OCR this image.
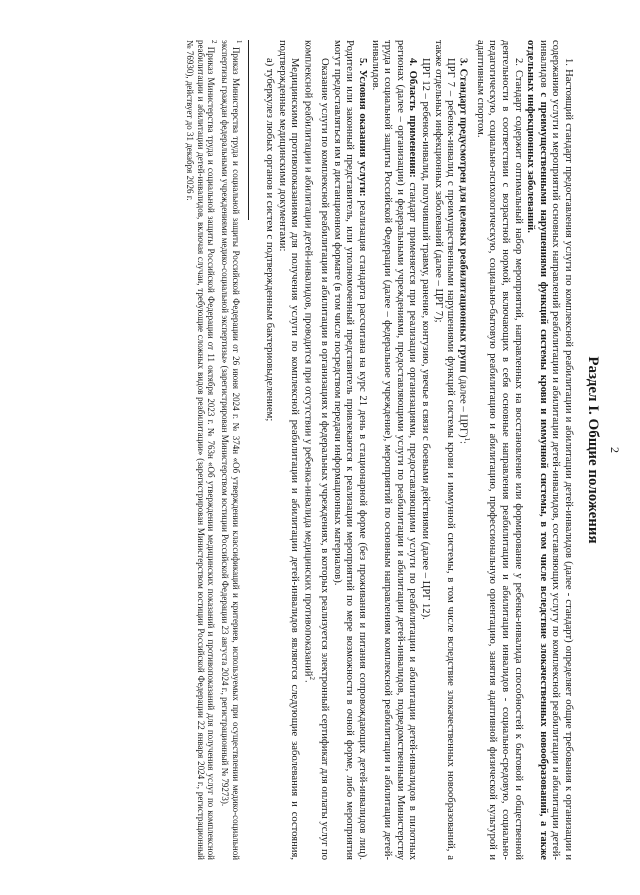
2
Раздел I. Общие положения

1. Настоящий стандарт предоставления услуги по комплексной реабилитации и абилитации детей-инвалидов (далее - стандарт) определяет общие требования к организации и содержанию услуги и мероприятий основных направлений реабилитации и абилитации детей-инвалидов, составляющих услугу по комплексной реабилитации и абилитации детей-инвалидов с преимущественными нарушениями функций системы крови и иммунной системы, в том числе вследствие злокачественных новообразований, а также отдельных инфекционных заболеваний.

2. Стандарт содержит оптимальный набор мероприятий, направленных на восстановление или формирование у ребенка-инвалида способностей к бытовой и общественной деятельности в соответствии с возрастной нормой, включающих в себя основные направления реабилитации и абилитации инвалидов - социально-средовую, социально-педагогическую, социально-психологическую, социально-бытовую реабилитацию и абилитацию, профессиональную ориентацию, занятия адаптивной физической культурой и адаптивным спортом.

3. Стандарт предусмотрен для целевых реабилитационных групп (далее – ЦРГ)$^1$:

ЦРГ 7 – ребенок-инвалид с преимущественными нарушениями функций системы крови и иммунной системы, в том числе вследствие злокачественных новообразований, а также отдельных инфекционных заболеваний (далее – ЦРГ 7);

ЦРГ 12 – ребенок-инвалид, получивший травму, ранение, контузию, увечье в связи с боевыми действиями (далее – ЦРГ 12).

4. Область применения: стандарт применяется при реализации организациями, предоставляющими услуги по реабилитации и абилитации детей-инвалидов в пилотных регионах (далее – организации) и федеральными учреждениями, предоставляющими услуги по реабилитации и абилитации детей-инвалидов, подведомственными Министерству труда и социальной защиты Российской Федерации (далее – федеральное учреждение), мероприятий по основным направлениям комплексной реабилитации и абилитации детей-инвалидов.

5. Условия оказания услуги: реализация стандарта рассчитана на курс 21 день в стационарной форме (без проживания и питания сопровождающих детей-инвалидов лиц). Родители или законный представитель, или уполномоченный представитель привлекаются к реализации мероприятий по мере возможности в очной форме, либо мероприятия могут предоставляться им в дистанционном формате (в том числе посредством передачи информационных материалов).

Оказание услуги по комплексной реабилитации и абилитации в организациях и федеральных учреждениях, в которых реализуется электронный сертификат для оплаты услуг по комплексной реабилитации и абилитации детей-инвалидов, проводится при отсутствии у ребенка-инвалида медицинских противопоказаний$^2$.

Медицинскими противопоказаниями для получения услуги по комплексной реабилитации и абилитации детей-инвалидов являются следующие заболевания и состояния, подтвержденные медицинскими документами:

а) туберкулез любых органов и систем с подтвержденным бактериовыделением;

$^1$ Приказ Министерства труда и социальной защиты Российской Федерации от 26 июня 2024 г. № 374н «Об утверждении классификаций и критериев, используемых при осуществлении медико-социальной экспертизы граждан федеральными учреждениями медико-социальной экспертизы» (зарегистрирован Министерством юстиции Российской Федерации 23 августа 2024 г., регистрационный № 79273).

$^2$ Приказ Министерства труда и социальной защиты Российской Федерации от 11 октября 2023 г. № 763н «Об утверждении медицинских показаний и противопоказаний для получения услуг по комплексной реабилитации и абилитации детей-инвалидов, включая случаи, требующие сложных видов реабилитации» (зарегистрирован Министерством юстиции Российской Федерации 22 января 2024 г., регистрационный № 76930), действует до 31 декабря 2026 г.
